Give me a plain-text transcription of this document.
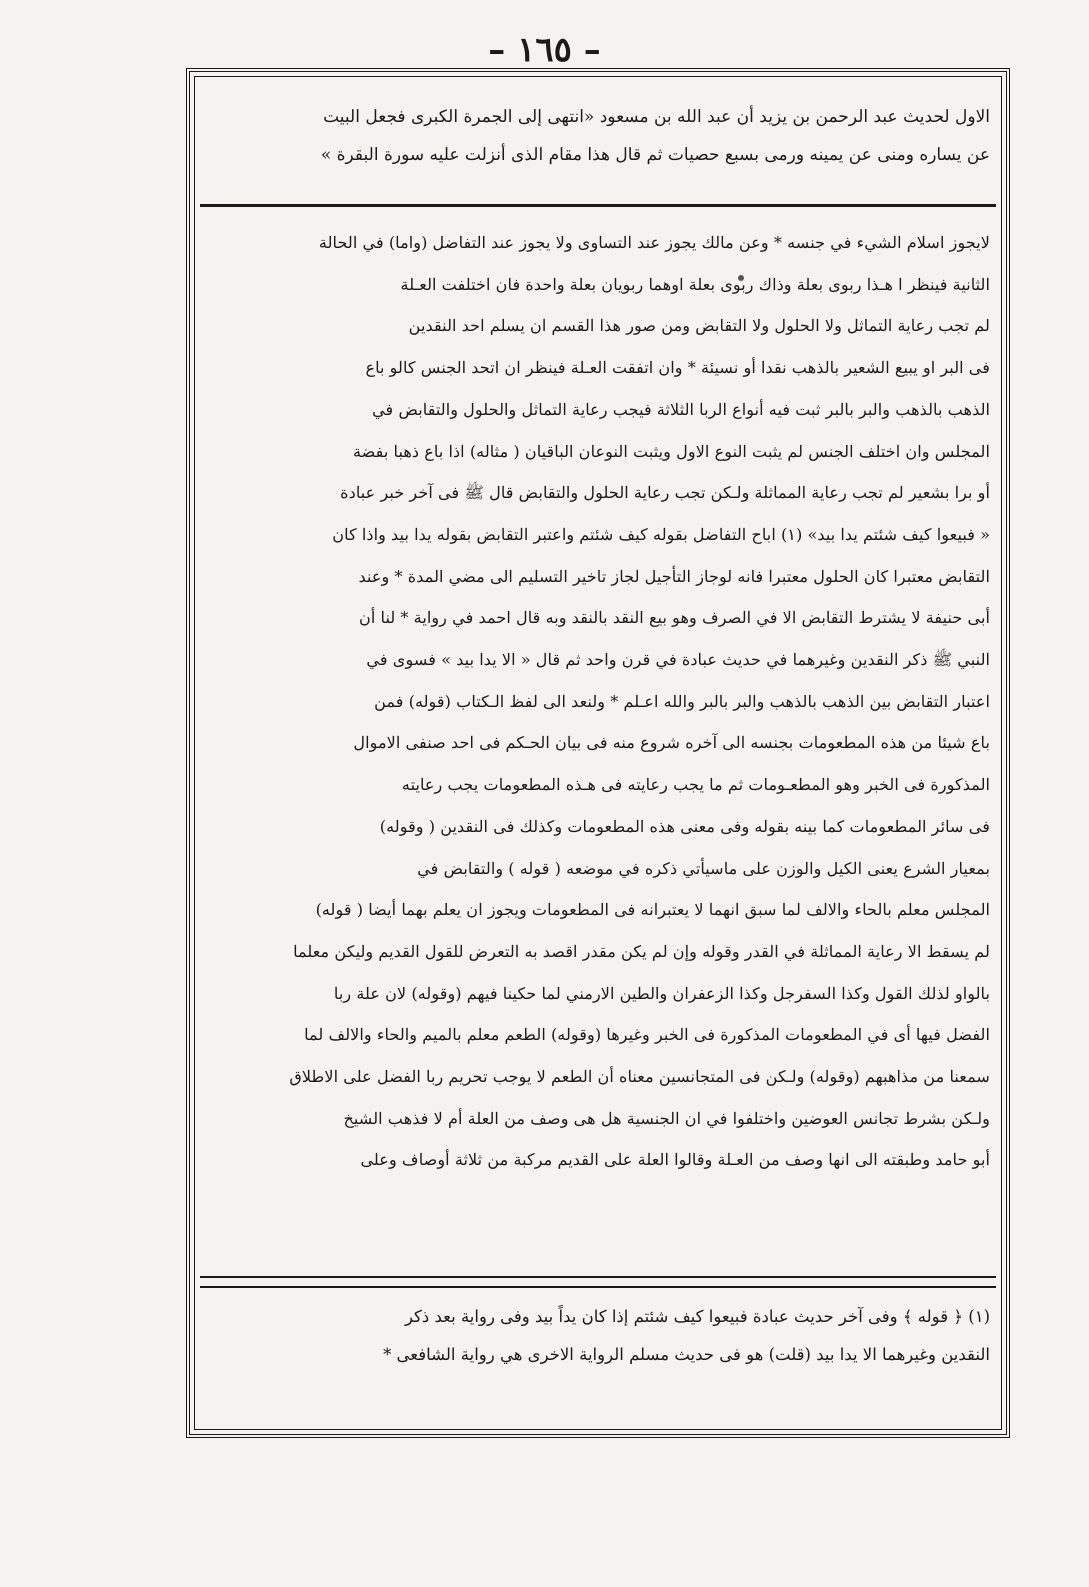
– ١٦٥ –
الاول لحديث عبد الرحمن بن يزيد أن عبد الله بن مسعود «انتهى إلى الجمرة الكبرى فجعل البيت
عن يساره ومنى عن يمينه ورمى بسبع حصيات ثم قال هذا مقام الذى أنزلت عليه سورة البقرة »
لايجوز اسلام الشيء في جنسه * وعن مالك يجوز عند التساوى ولا يجوز عند التفاضل (واما) في الحالة
الثانية فينظر ا هـذا ربوى بعلة وذاك ربوى بعلة اوهما ربويان بعلة واحدة فان اختلفت العـلة
لم تجب رعاية التماثل ولا الحلول ولا التقابض ومن صور هذا القسم ان يسلم احد النقدين
فى البر او يبيع الشعير بالذهب نقدا أو نسيئة * وان اتفقت العـلة فينظر ان اتحد الجنس كالو باع
الذهب بالذهب والبر بالبر ثبت فيه أنواع الربا الثلاثة فيجب رعاية التماثل والحلول والتقابض في
المجلس وان اختلف الجنس لم يثبت النوع الاول ويثبت النوعان الباقيان ( مثاله) اذا باع ذهبا بفضة
أو برا بشعير لم تجب رعاية المماثلة ولـكن تجب رعاية الحلول والتقابض قال ﷺ فى آخر خبر عبادة
« فبيعوا كيف شئتم يدا بيد» (١) اباح التفاضل بقوله كيف شئتم واعتبر التقابض بقوله يدا بيد واذا كان
التقابض معتبرا كان الحلول معتبرا فانه لوجاز التأجيل لجاز تاخير التسليم الى مضي المدة * وعند
أبى حنيفة لا يشترط التقابض الا في الصرف وهو بيع النقد بالنقد وبه قال احمد في رواية * لنا أن
النبي ﷺ ذكر النقدين وغيرهما في حديث عبادة في قرن واحد ثم قال « الا يدا بيد » فسوى في
اعتبار التقابض بين الذهب بالذهب والبر بالبر والله اعـلم * ولنعد الى لفظ الـكتاب (قوله) فمن
باع شيئا من هذه المطعومات بجنسه الى آخره شروع منه فى بيان الحـكم فى احد صنفى الاموال
المذكورة فى الخبر وهو المطعـومات ثم ما يجب رعايته فى هـذه المطعومات يجب رعايته
فى سائر المطعومات كما بينه بقوله وفى معنى هذه المطعومات وكذلك فى النقدين ( وقوله)
بمعيار الشرع يعنى الكيل والوزن على ماسيأتي ذكره في موضعه ( قوله ) والتقابض في
المجلس معلم بالحاء والالف لما سبق انهما لا يعتبرانه فى المطعومات ويجوز ان يعلم بهما أيضا ( قوله)
لم يسقط الا رعاية المماثلة في القدر وقوله وإن لم يكن مقدر اقصد به التعرض للقول القديم وليكن معلما
بالواو لذلك القول وكذا السفرجل وكذا الزعفران والطين الارمني لما حكينا فيهم (وقوله) لان علة ربا
الفضل فيها أى في المطعومات المذكورة فى الخبر وغيرها (وقوله) الطعم معلم بالميم والحاء والالف لما
سمعنا من مذاهبهم (وقوله) ولـكن فى المتجانسين معناه أن الطعم لا يوجب تحريم ربا الفضل على الاطلاق
ولـكن بشرط تجانس العوضين واختلفوا في ان الجنسية هل هى وصف من العلة أم لا فذهب الشيخ
أبو حامد وطبقته الى انها وصف من العـلة وقالوا العلة على القديم مركبة من ثلاثة أوصاف وعلى
(١) ﴿ قوله ﴾ وفى آخر حديث عبادة فبيعوا كيف شئتم إذا كان يداً بيد وفى رواية بعد ذكر
النقدين وغيرهما الا يدا بيد (قلت) هو فى حديث مسلم الرواية الاخرى هي رواية الشافعى *
